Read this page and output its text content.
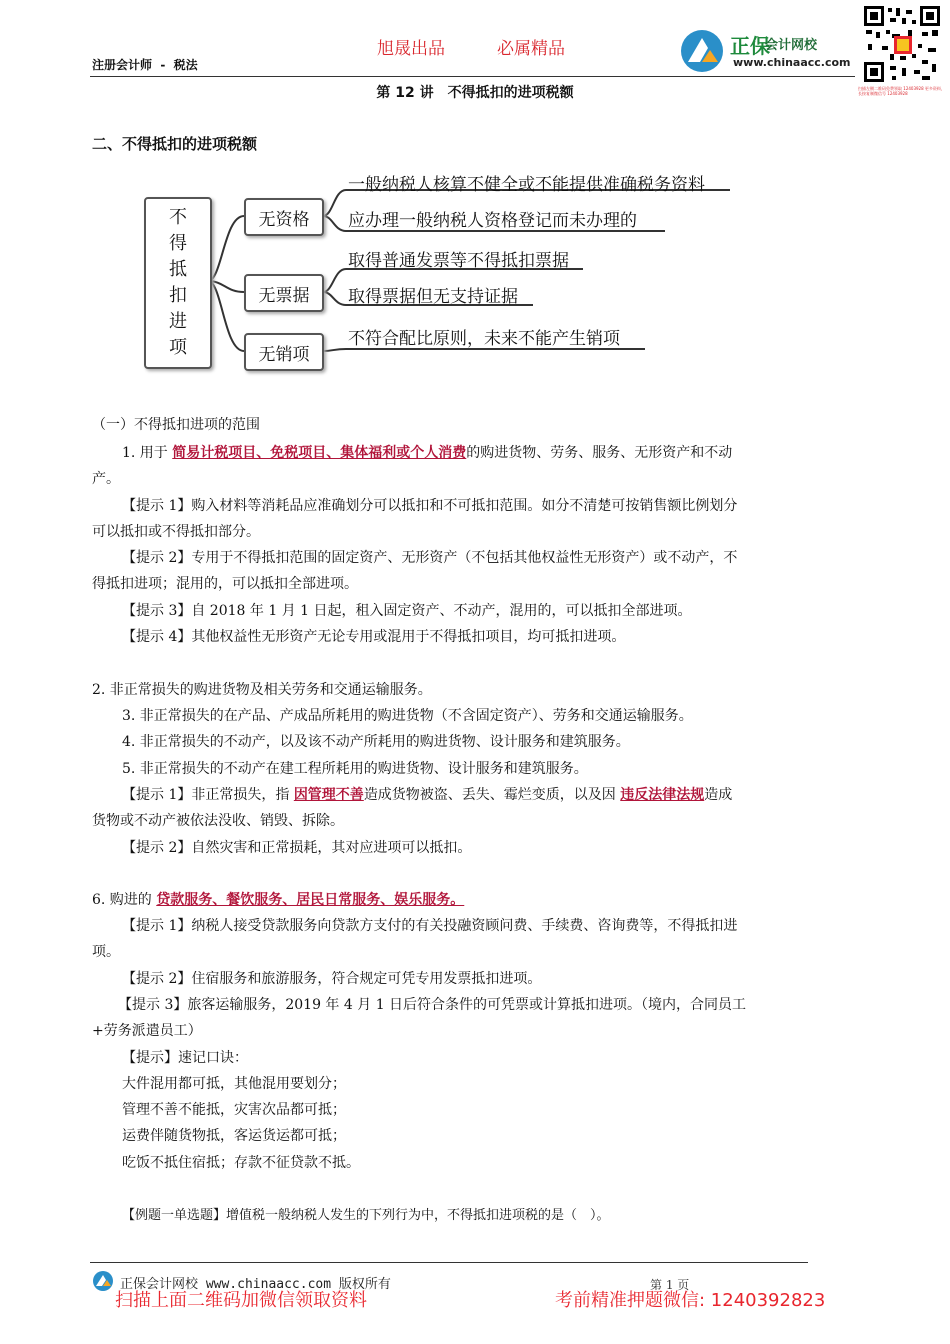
旭晟出品	必属精品
注册会计师 - 税法
正保
会计网校
www.chinaacc.com
扫描左侧二维码免费领取 12403928 更多资料，长按复制微信号 12403928
第 12 讲　不得抵扣的进项税额
二、不得抵扣的进项税额
不
得
抵
扣
进
项
无资格
无票据
无销项
一般纳税人核算不健全或不能提供准确税务资料
应办理一般纳税人资格登记而未办理的
取得普通发票等不得抵扣票据
取得票据但无支持证据
不符合配比原则，未来不能产生销项
（一）不得抵扣进项的范围
1. 用于 简易计税项目、免税项目、集体福利或个人消费的购进货物、劳务、服务、无形资产和不动
产。
【提示 1】购入材料等消耗品应准确划分可以抵扣和不可抵扣范围。如分不清楚可按销售额比例划分
可以抵扣或不得抵扣部分。
【提示 2】专用于不得抵扣范围的固定资产、无形资产（不包括其他权益性无形资产）或不动产，不
得抵扣进项；混用的，可以抵扣全部进项。
【提示 3】自 2018 年 1 月 1 日起，租入固定资产、不动产，混用的，可以抵扣全部进项。
【提示 4】其他权益性无形资产无论专用或混用于不得抵扣项目，均可抵扣进项。
2. 非正常损失的购进货物及相关劳务和交通运输服务。
3. 非正常损失的在产品、产成品所耗用的购进货物（不含固定资产）、劳务和交通运输服务。
4. 非正常损失的不动产，以及该不动产所耗用的购进货物、设计服务和建筑服务。
5. 非正常损失的不动产在建工程所耗用的购进货物、设计服务和建筑服务。
【提示 1】非正常损失，指 因管理不善造成货物被盗、丢失、霉烂变质，以及因 违反法律法规造成
货物或不动产被依法没收、销毁、拆除。
【提示 2】自然灾害和正常损耗，其对应进项可以抵扣。
6. 购进的 贷款服务、餐饮服务、居民日常服务、娱乐服务。
【提示 1】纳税人接受贷款服务向贷款方支付的有关投融资顾问费、手续费、咨询费等，不得抵扣进
项。
【提示 2】住宿服务和旅游服务，符合规定可凭专用发票抵扣进项。
【提示 3】旅客运输服务，2019 年 4 月 1 日后符合条件的可凭票或计算抵扣进项。（境内，合同员工
+劳务派遣员工）
【提示】速记口诀：
大件混用都可抵，其他混用要划分；
管理不善不能抵，灾害次品都可抵；
运费伴随货物抵，客运货运都可抵；
吃饭不抵住宿抵；存款不征贷款不抵。
【例题一单选题】增值税一般纳税人发生的下列行为中，不得抵扣进项税的是（　）。
正保会计网校 www.chinaacc.com 版权所有	第 1 页
扫描上面二维码加微信领取资料	考前精准押题微信: 1240392823
